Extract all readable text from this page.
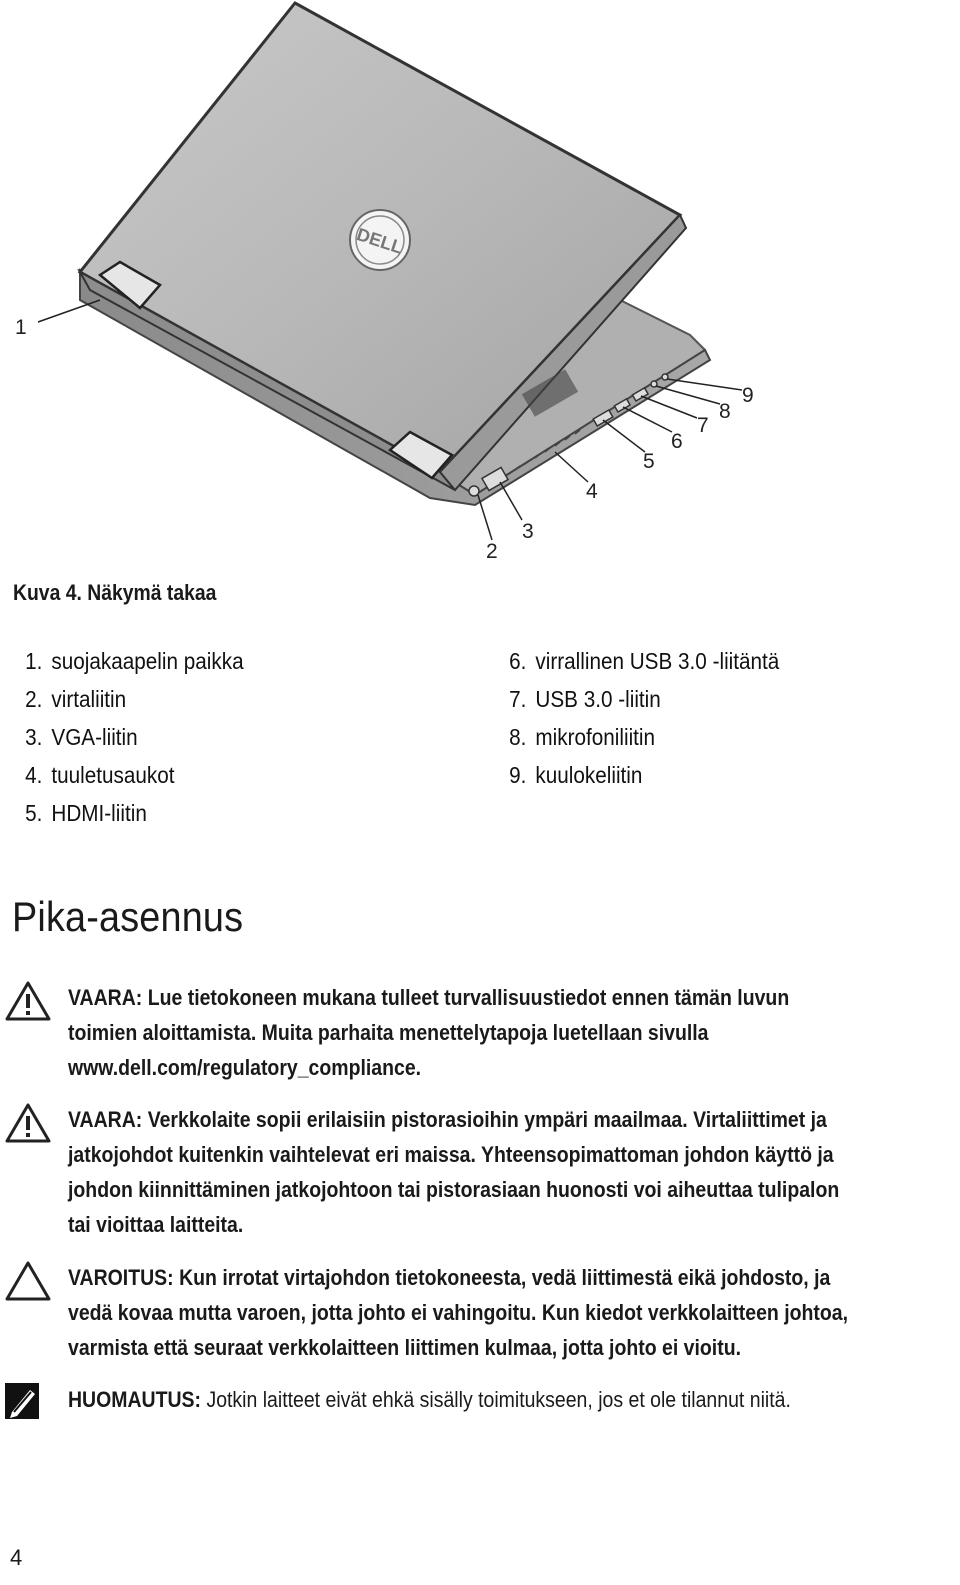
DELL
1
2
3
4
5
6
7
8
9
Kuva 4. Näkymä takaa
1. suojakaapelin paikka
2. virtaliitin
3. VGA-liitin
4. tuuletusaukot
5. HDMI-liitin
6. virrallinen USB 3.0 -liitäntä
7. USB 3.0 -liitin
8. mikrofoniliitin
9. kuulokeliitin
Pika-asennus
VAARA: Lue tietokoneen mukana tulleet turvallisuustiedot ennen tämän luvun
toimien aloittamista. Muita parhaita menettelytapoja luetellaan sivulla
www.dell.com/regulatory_compliance.
VAARA: Verkkolaite sopii erilaisiin pistorasioihin ympäri maailmaa. Virtaliittimet ja
jatkojohdot kuitenkin vaihtelevat eri maissa. Yhteensopimattoman johdon käyttö ja
johdon kiinnittäminen jatkojohtoon tai pistorasiaan huonosti voi aiheuttaa tulipalon
tai vioittaa laitteita.
VAROITUS: Kun irrotat virtajohdon tietokoneesta, vedä liittimestä eikä johdosto, ja
vedä kovaa mutta varoen, jotta johto ei vahingoitu. Kun kiedot verkkolaitteen johtoa,
varmista että seuraat verkkolaitteen liittimen kulmaa, jotta johto ei vioitu.
HUOMAUTUS: Jotkin laitteet eivät ehkä sisälly toimitukseen, jos et ole tilannut niitä.
4
